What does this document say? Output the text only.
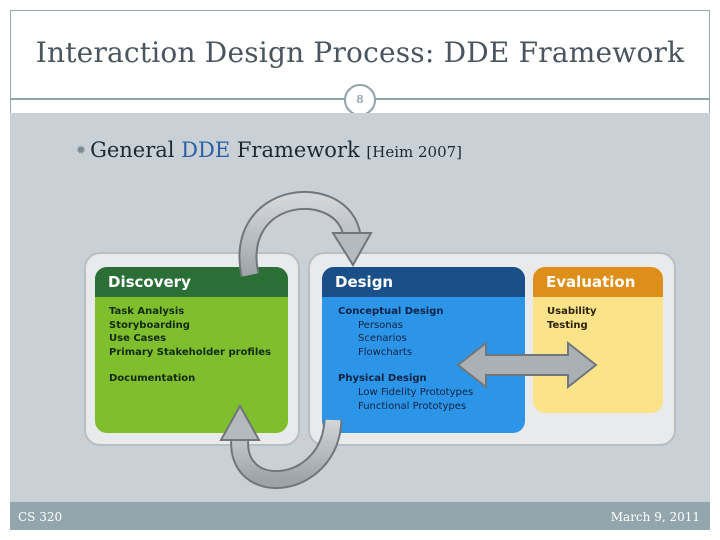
Interaction Design Process: DDE Framework
8
✹ General DDE Framework [Heim 2007]
Discovery
Task Analysis
Storyboarding
Use Cases
Primary Stakeholder profiles
Documentation
Design
Conceptual Design
Personas
Scenarios
Flowcharts
Physical Design
Low Fidelity Prototypes
Functional Prototypes
Evaluation
Usability
Testing
CS 320	March 9, 2011
